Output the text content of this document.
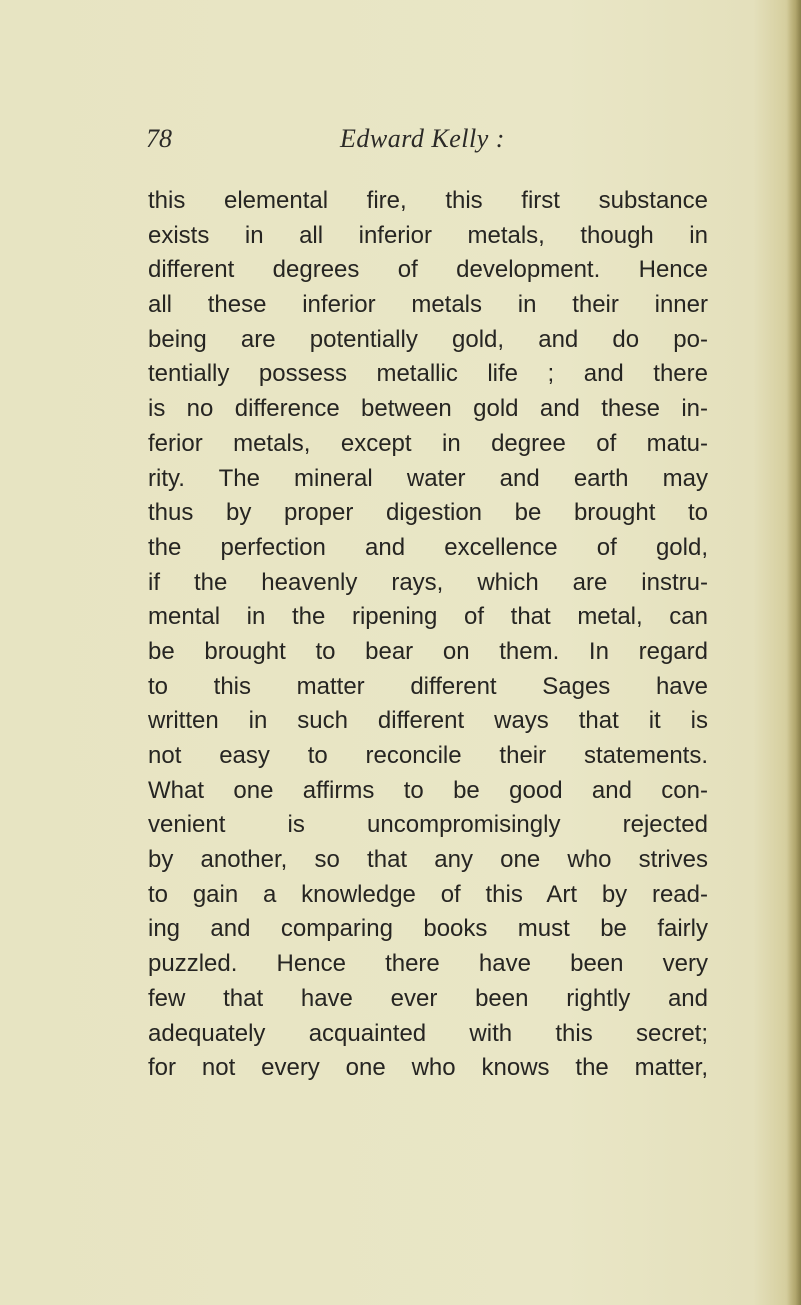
78	Edward Kelly :
this elemental fire, this first substance
exists in all inferior metals, though in
different degrees of development. Hence
all these inferior metals in their inner
being are potentially gold, and do po-
tentially possess metallic life ; and there
is no difference between gold and these in-
ferior metals, except in degree of matu-
rity. The mineral water and earth may
thus by proper digestion be brought to
the perfection and excellence of gold,
if the heavenly rays, which are instru-
mental in the ripening of that metal, can
be brought to bear on them. In regard
to this matter different Sages have
written in such different ways that it is
not easy to reconcile their statements.
What one affirms to be good and con-
venient is uncompromisingly rejected
by another, so that any one who strives
to gain a knowledge of this Art by read-
ing and comparing books must be fairly
puzzled. Hence there have been very
few that have ever been rightly and
adequately acquainted with this secret;
for not every one who knows the matter,
